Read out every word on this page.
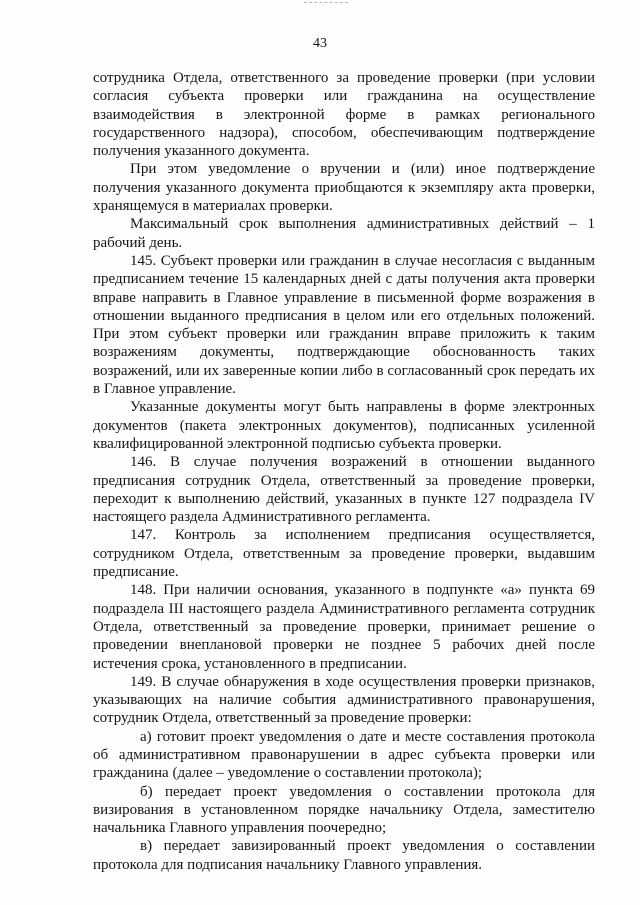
43

сотрудника Отдела, ответственного за проведение проверки (при условии согласия субъекта проверки или гражданина на осуществление взаимодействия в электронной форме в рамках регионального государственного надзора), способом, обеспечивающим подтверждение получения указанного документа.

При этом уведомление о вручении и (или) иное подтверждение получения указанного документа приобщаются к экземпляру акта проверки, хранящемуся в материалах проверки.

Максимальный срок выполнения административных действий – 1 рабочий день.

145. Субъект проверки или гражданин в случае несогласия с выданным предписанием течение 15 календарных дней с даты получения акта проверки вправе направить в Главное управление в письменной форме возражения в отношении выданного предписания в целом или его отдельных положений. При этом субъект проверки или гражданин вправе приложить к таким возражениям документы, подтверждающие обоснованность таких возражений, или их заверенные копии либо в согласованный срок передать их в Главное управление.

Указанные документы могут быть направлены в форме электронных документов (пакета электронных документов), подписанных усиленной квалифицированной электронной подписью субъекта проверки.

146. В случае получения возражений в отношении выданного предписания сотрудник Отдела, ответственный за проведение проверки, переходит к выполнению действий, указанных в пункте 127 подраздела IV настоящего раздела Административного регламента.

147. Контроль за исполнением предписания осуществляется, сотрудником Отдела, ответственным за проведение проверки, выдавшим предписание.

148. При наличии основания, указанного в подпункте «а» пункта 69 подраздела III настоящего раздела Административного регламента сотрудник Отдела, ответственный за проведение проверки, принимает решение о проведении внеплановой проверки не позднее 5 рабочих дней после истечения срока, установленного в предписании.

149. В случае обнаружения в ходе осуществления проверки признаков, указывающих на наличие события административного правонарушения, сотрудник Отдела, ответственный за проведение проверки:

а) готовит проект уведомления о дате и месте составления протокола об административном правонарушении в адрес субъекта проверки или гражданина (далее – уведомление о составлении протокола);

б) передает проект уведомления о составлении протокола для визирования в установленном порядке начальнику Отдела, заместителю начальника Главного управления поочередно;

в) передает завизированный проект уведомления о составлении протокола для подписания начальнику Главного управления.
